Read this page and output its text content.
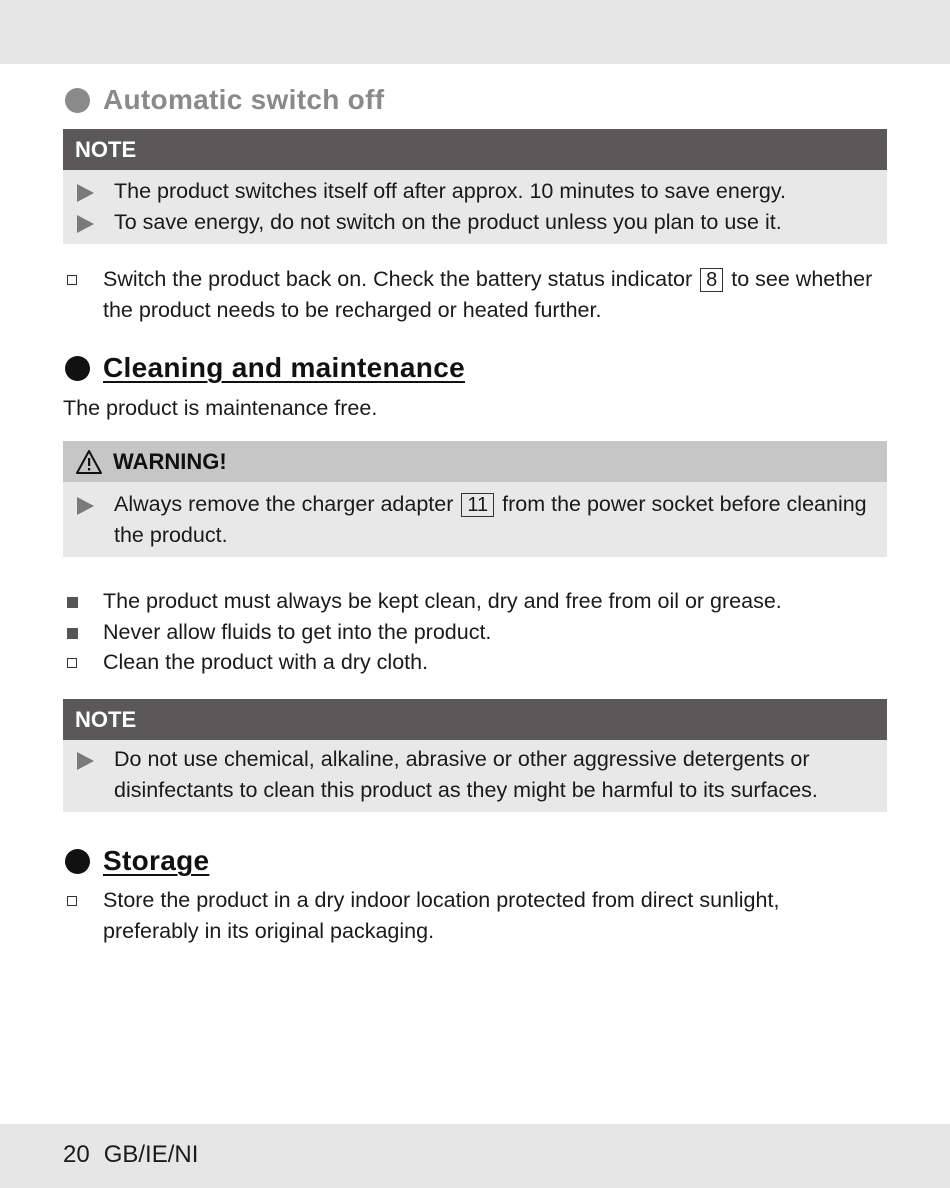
Automatic switch off
NOTE
The product switches itself off after approx. 10 minutes to save energy.
To save energy, do not switch on the product unless you plan to use it.
Switch the product back on. Check the battery status indicator 8 to see whether
the product needs to be recharged or heated further.
Cleaning and maintenance
The product is maintenance free.
WARNING!
Always remove the charger adapter 11 from the power socket before cleaning
the product.
The product must always be kept clean, dry and free from oil or grease.
Never allow fluids to get into the product.
Clean the product with a dry cloth.
NOTE
Do not use chemical, alkaline, abrasive or other aggressive detergents or
disinfectants to clean this product as they might be harmful to its surfaces.
Storage
Store the product in a dry indoor location protected from direct sunlight,
preferably in its original packaging.
20 GB/IE/NI
